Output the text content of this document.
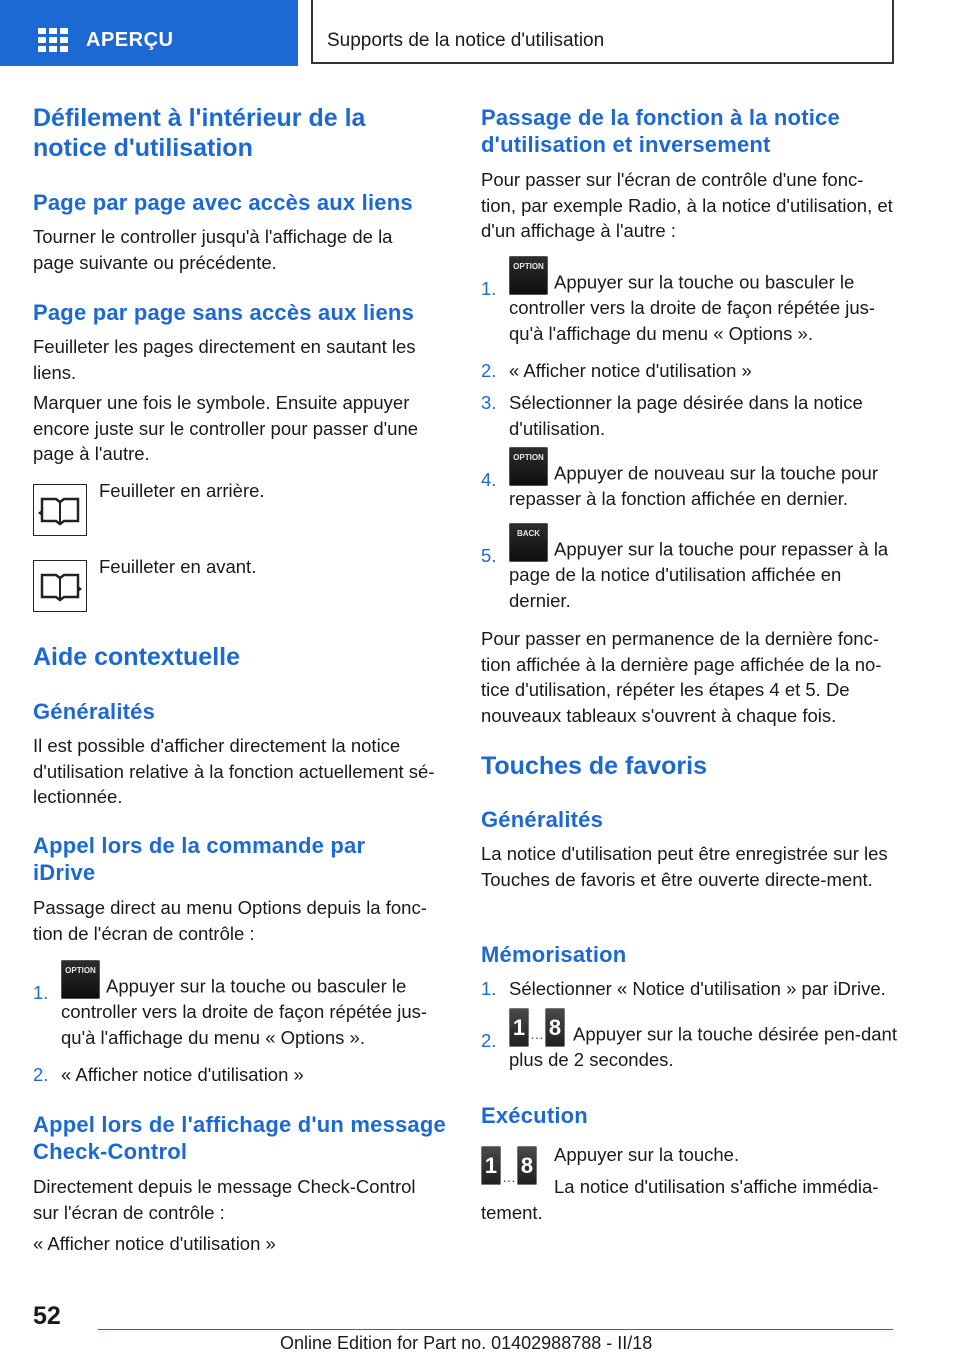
APERÇU	Supports de la notice d'utilisation
Défilement à l'intérieur de la notice d'utilisation
Page par page avec accès aux liens
Tourner le controller jusqu'à l'affichage de la page suivante ou précédente.
Page par page sans accès aux liens
Feuilleter les pages directement en sautant les liens.
Marquer une fois le symbole. Ensuite appuyer encore juste sur le controller pour passer d'une page à l'autre.
Feuilleter en arrière.
Feuilleter en avant.
Aide contextuelle
Généralités
Il est possible d'afficher directement la notice d'utilisation relative à la fonction actuellement sé-lectionnée.
Appel lors de la commande par iDrive
Passage direct au menu Options depuis la fonc-tion de l'écran de contrôle :
1.
OPTIONAppuyer sur la touche ou basculer le controller vers la droite de façon répétée jus-qu'à l'affichage du menu « Options ».
2. « Afficher notice d'utilisation »
Appel lors de l'affichage d'un message Check-Control
Directement depuis le message Check-Control sur l'écran de contrôle :
« Afficher notice d'utilisation »
Passage de la fonction à la notice d'utilisation et inversement
Pour passer sur l'écran de contrôle d'une fonc-tion, par exemple Radio, à la notice d'utilisation, et d'un affichage à l'autre :
1.
OPTIONAppuyer sur la touche ou basculer le controller vers la droite de façon répétée jus-qu'à l'affichage du menu « Options ».
2. « Afficher notice d'utilisation »
3. Sélectionner la page désirée dans la notice d'utilisation.
4.
OPTIONAppuyer de nouveau sur la touche pour repasser à la fonction affichée en dernier.
5.
BACKAppuyer sur la touche pour repasser à la page de la notice d'utilisation affichée en dernier.
Pour passer en permanence de la dernière fonc-tion affichée à la dernière page affichée de la no-tice d'utilisation, répéter les étapes 4 et 5. De nouveaux tableaux s'ouvrent à chaque fois.
Touches de favoris
Généralités
La notice d'utilisation peut être enregistrée sur les Touches de favoris et être ouverte directe-ment.
Mémorisation
1. Sélectionner « Notice d'utilisation » par iDrive.
2.
1 … 8 Appuyer sur la touche désirée pen-dant plus de 2 secondes.
Exécution
1 … 8	Appuyer sur la touche.
La notice d'utilisation s'affiche immédia-tement.
52
Online Edition for Part no. 01402988788 - II/18
